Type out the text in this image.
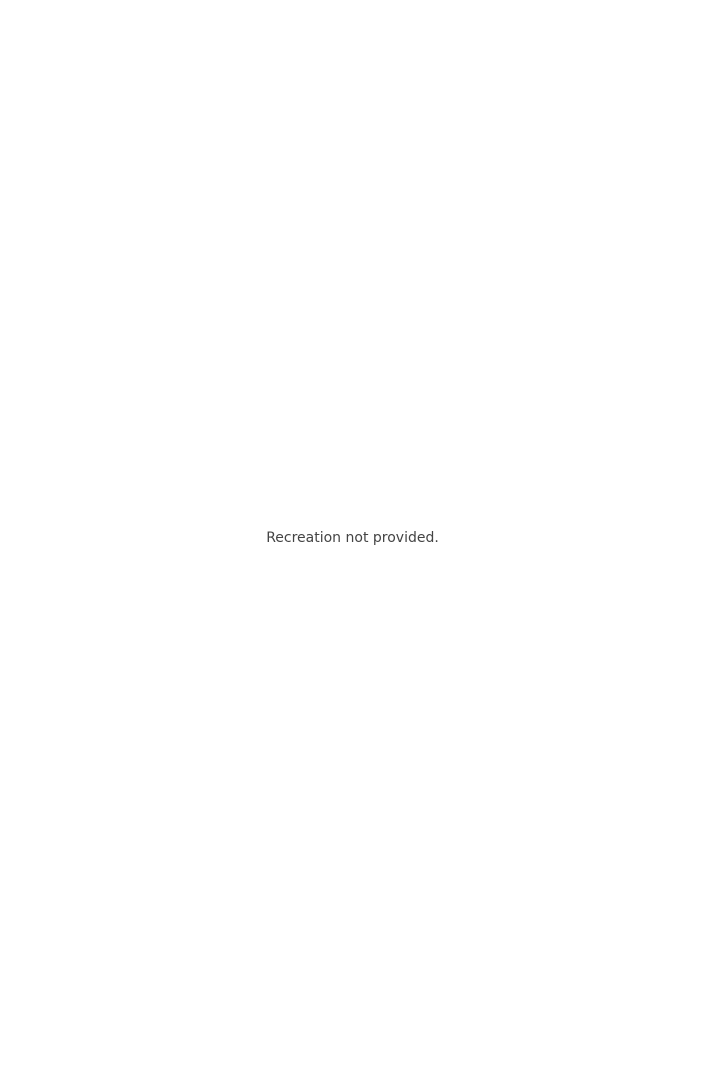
Recreation not provided.
